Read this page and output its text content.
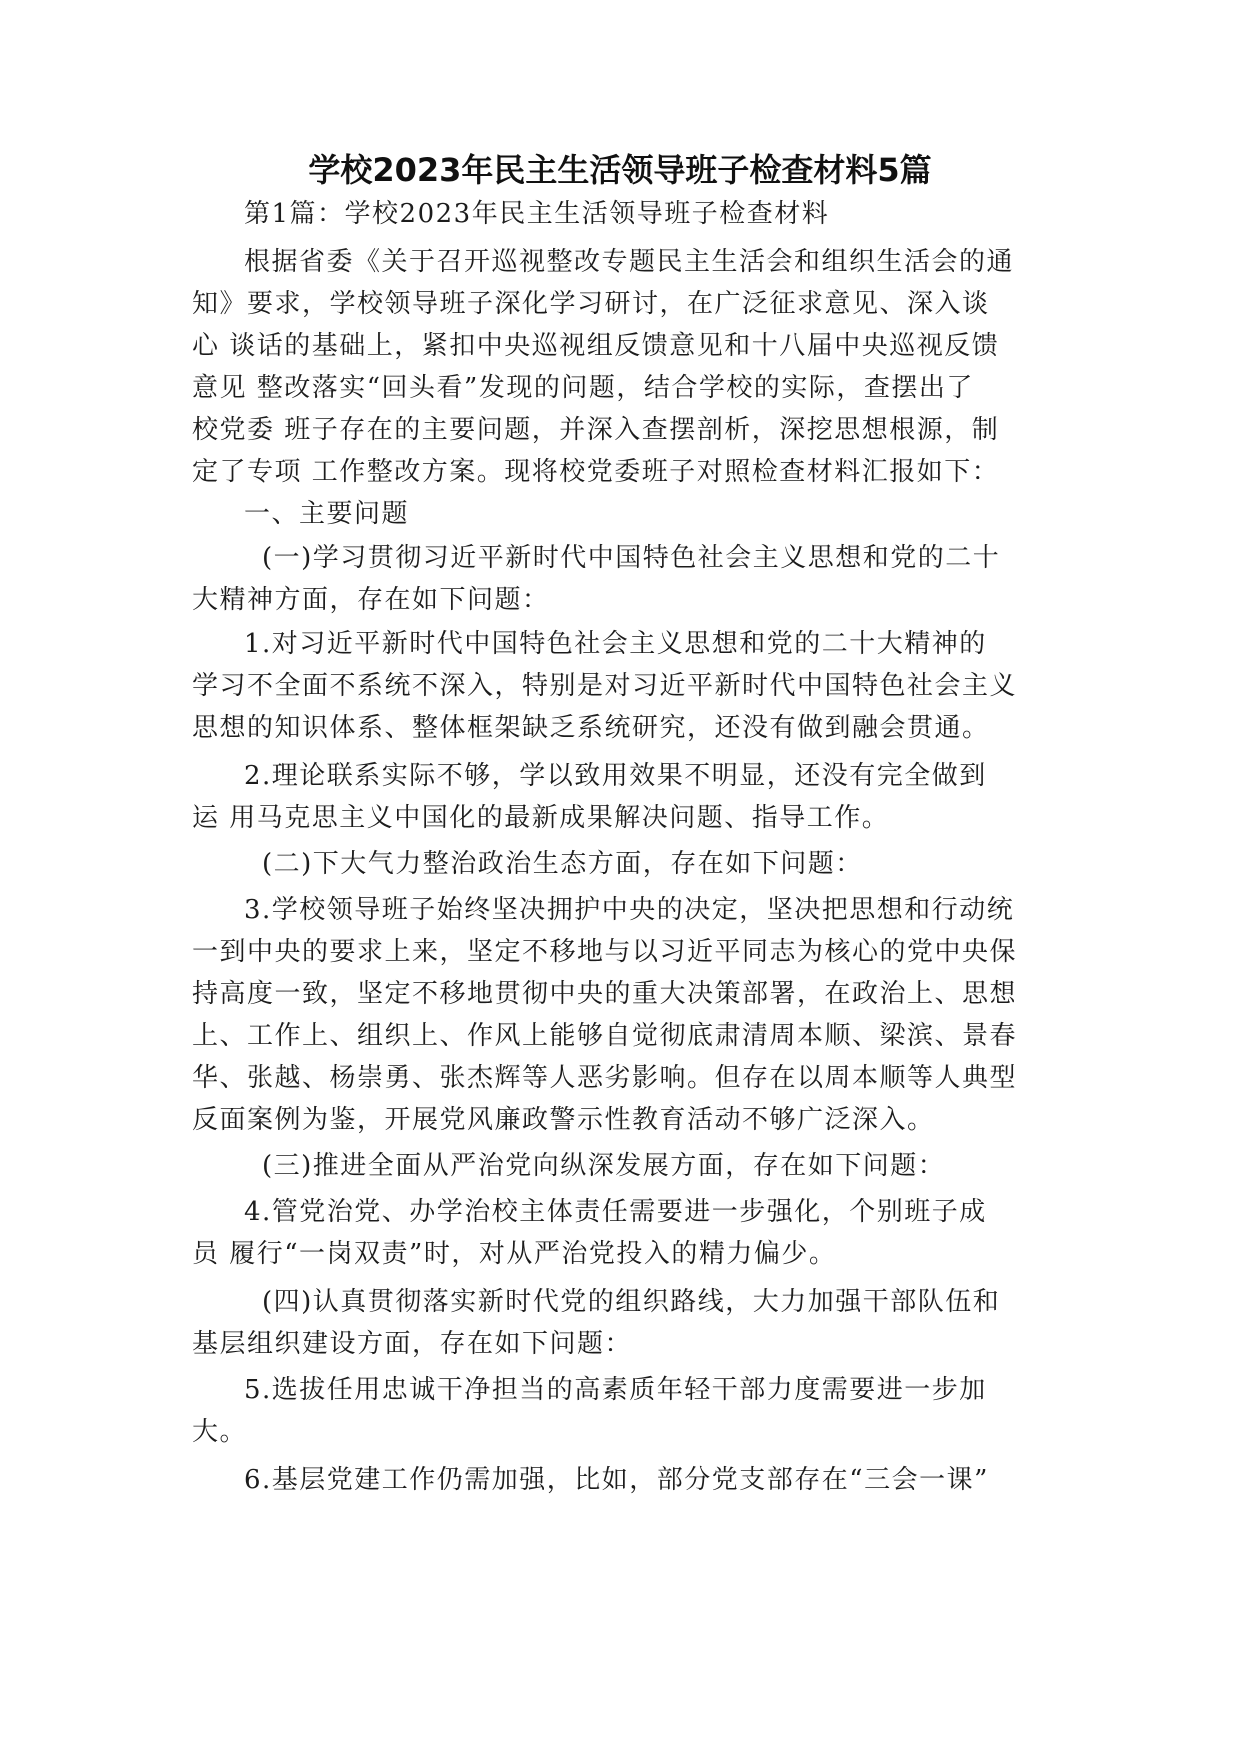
学校2023年民主生活领导班子检查材料5篇
第1篇：学校2023年民主生活领导班子检查材料
根据省委《关于召开巡视整改专题民主生活会和组织生活会的通
知》要求，学校领导班子深化学习研讨，在广泛征求意见、深入谈
心 谈话的基础上，紧扣中央巡视组反馈意见和十八届中央巡视反馈
意见 整改落实“回头看”发现的问题，结合学校的实际，查摆出了
校党委 班子存在的主要问题，并深入查摆剖析，深挖思想根源，制
定了专项 工作整改方案。现将校党委班子对照检查材料汇报如下：
一、主要问题
(一)学习贯彻习近平新时代中国特色社会主义思想和党的二十
大精神方面，存在如下问题：
1.对习近平新时代中国特色社会主义思想和党的二十大精神的
学习不全面不系统不深入，特别是对习近平新时代中国特色社会主义
思想的知识体系、整体框架缺乏系统研究，还没有做到融会贯通。
2.理论联系实际不够，学以致用效果不明显，还没有完全做到
运 用马克思主义中国化的最新成果解决问题、指导工作。
(二)下大气力整治政治生态方面，存在如下问题：
3.学校领导班子始终坚决拥护中央的决定，坚决把思想和行动统
一到中央的要求上来，坚定不移地与以习近平同志为核心的党中央保
持高度一致，坚定不移地贯彻中央的重大决策部署，在政治上、思想
上、工作上、组织上、作风上能够自觉彻底肃清周本顺、梁滨、景春
华、张越、杨崇勇、张杰辉等人恶劣影响。但存在以周本顺等人典型
反面案例为鉴，开展党风廉政警示性教育活动不够广泛深入。
(三)推进全面从严治党向纵深发展方面，存在如下问题：
4.管党治党、办学治校主体责任需要进一步强化，个别班子成
员 履行“一岗双责”时，对从严治党投入的精力偏少。
(四)认真贯彻落实新时代党的组织路线，大力加强干部队伍和
基层组织建设方面，存在如下问题：
5.选拔任用忠诚干净担当的高素质年轻干部力度需要进一步加
大。
6.基层党建工作仍需加强，比如，部分党支部存在“三会一课”
